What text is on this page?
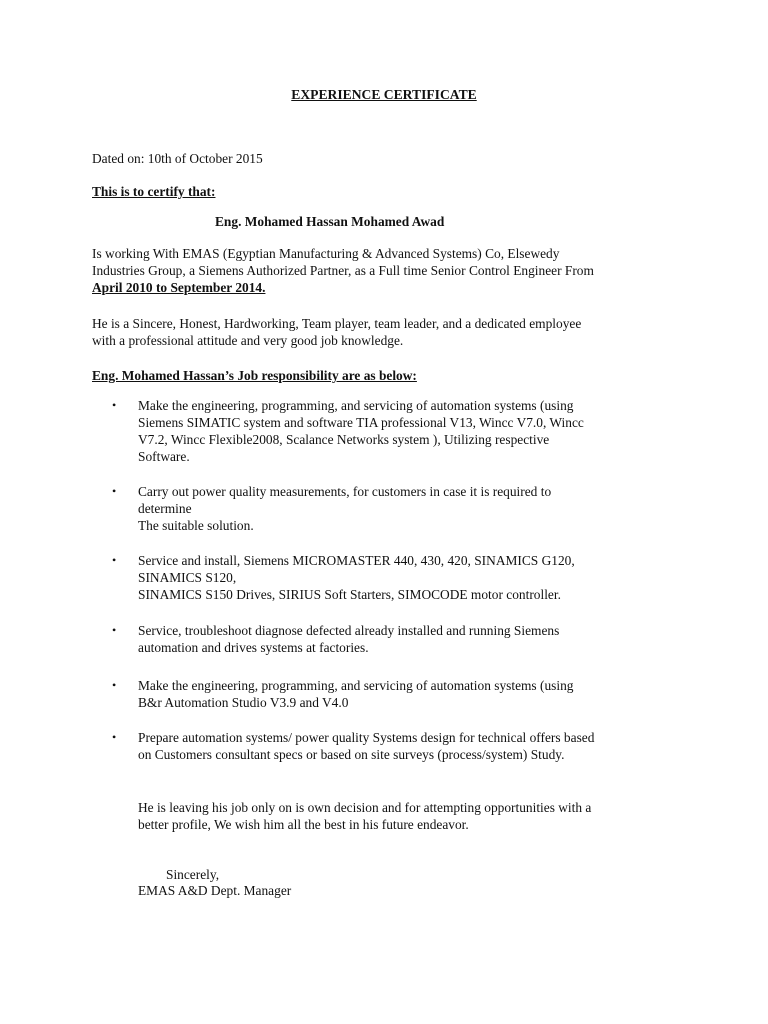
EXPERIENCE CERTIFICATE
Dated on: 10th of October 2015
This is to certify that:
Eng. Mohamed Hassan Mohamed Awad
Is working With EMAS (Egyptian Manufacturing & Advanced Systems) Co, Elsewedy
Industries Group, a Siemens Authorized Partner, as a Full time Senior Control Engineer From
April 2010 to September 2014.
He is a Sincere, Honest, Hardworking, Team player, team leader, and a dedicated employee
with a professional attitude and very good job knowledge.
Eng. Mohamed Hassan’s Job responsibility are as below:
• Make the engineering, programming, and servicing of automation systems (using
Siemens SIMATIC system and software TIA professional V13, Wincc V7.0, Wincc
V7.2, Wincc Flexible2008, Scalance Networks system ), Utilizing respective
Software.
• Carry out power quality measurements, for customers in case it is required to
determine
The suitable solution.
• Service and install, Siemens MICROMASTER 440, 430, 420, SINAMICS G120,
SINAMICS S120,
SINAMICS S150 Drives, SIRIUS Soft Starters, SIMOCODE motor controller.
• Service, troubleshoot diagnose defected already installed and running Siemens
automation and drives systems at factories.
• Make the engineering, programming, and servicing of automation systems (using
B&r Automation Studio V3.9 and V4.0
• Prepare automation systems/ power quality Systems design for technical offers based
on Customers consultant specs or based on site surveys (process/system) Study.
He is leaving his job only on is own decision and for attempting opportunities with a
better profile, We wish him all the best in his future endeavor.
Sincerely,
EMAS A&D Dept. Manager
